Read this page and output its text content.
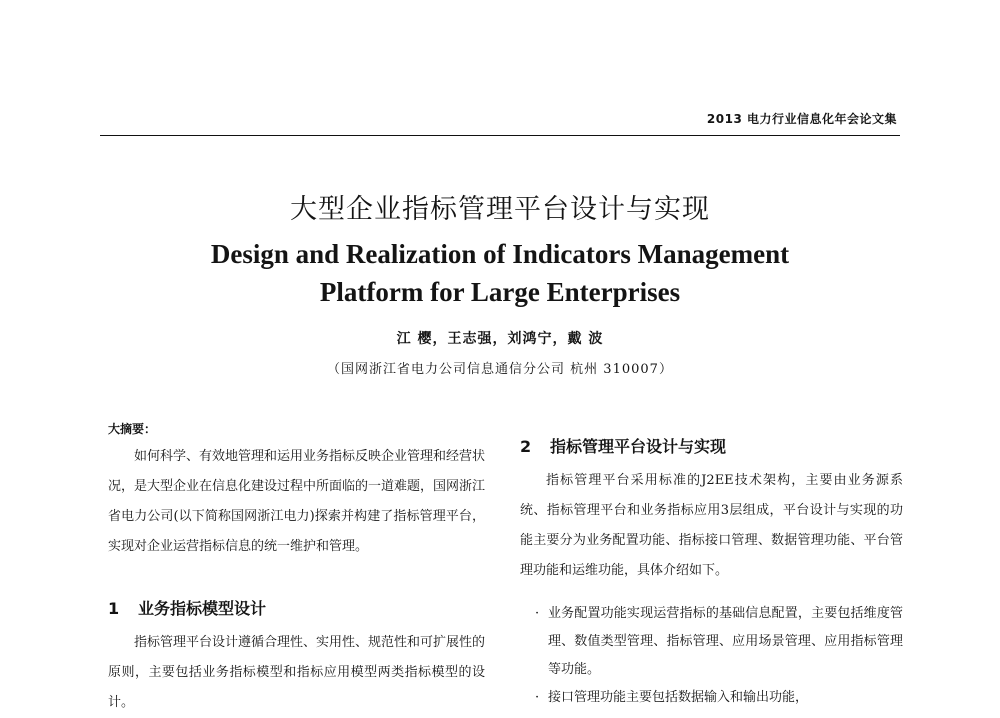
2013 电力行业信息化年会论文集
大型企业指标管理平台设计与实现
Design and Realization of Indicators Management
Platform for Large Enterprises
江 樱，王志强，刘鸿宁，戴 波
（国网浙江省电力公司信息通信分公司 杭州 310007）
大摘要：

如何科学、有效地管理和运用业务指标反映企业管理和经营状况，是大型企业在信息化建设过程中所面临的一道难题，国网浙江省电力公司(以下简称国网浙江电力)探索并构建了指标管理平台，实现对企业运营指标信息的统一维护和管理。

1 业务指标模型设计

指标管理平台设计遵循合理性、实用性、规范性和可扩展性的原则，主要包括业务指标模型和指标应用模型两类指标模型的设计。

2 指标管理平台设计与实现

指标管理平台采用标准的J2EE技术架构，主要由业务源系统、指标管理平台和业务指标应用3层组成，平台设计与实现的功能主要分为业务配置功能、指标接口管理、数据管理功能、平台管理功能和运维功能，具体介绍如下。

· 业务配置功能实现运营指标的基础信息配置，主要包括维度管理、数值类型管理、指标管理、应用场景管理、应用指标管理等功能。

· 接口管理功能主要包括数据输入和输出功能，
